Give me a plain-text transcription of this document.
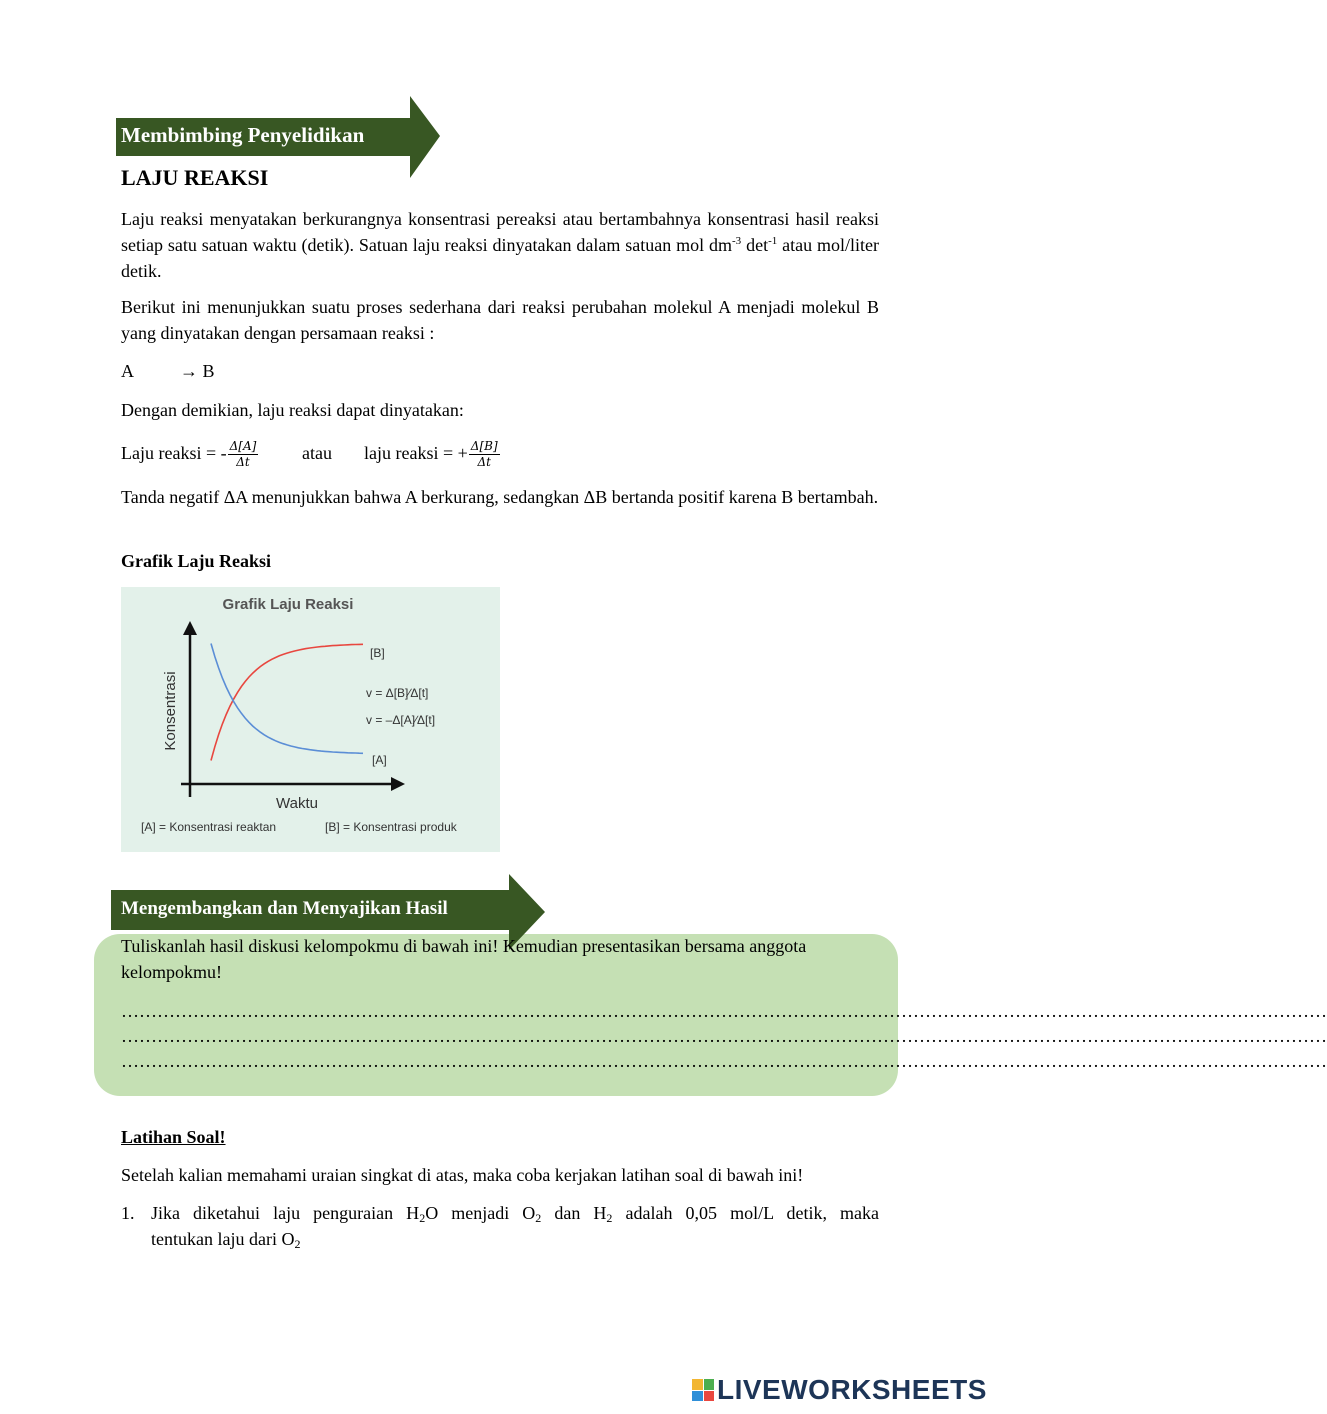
Membimbing Penyelidikan
LAJU REAKSI
Laju reaksi menyatakan berkurangnya konsentrasi pereaksi atau bertambahnya konsentrasi hasil reaksi setiap satu satuan waktu (detik). Satuan laju reaksi dinyatakan dalam satuan mol $dm^{-3}$ $\det^{-1}$ atau mol/liter detik.
Berikut ini menunjukkan suatu proses sederhana dari reaksi perubahan molekul A menjadi molekul B yang dinyatakan dengan persamaan reaksi :
A	→ B
Dengan demikian, laju reaksi dapat dinyatakan:
Laju reaksi = - $\frac{\Delta[A]}{\Delta t}$ atau laju reaksi = + $\frac{\Delta[B]}{\Delta t}$
Tanda negatif ΔA menunjukkan bahwa A berkurang, sedangkan ΔB bertanda positif karena B bertambah.
Grafik Laju Reaksi
Grafik Laju Reaksi
Konsentrasi
Waktu
[B]
[A]
v = Δ[B]∕Δ[t]
v = –Δ[A]∕Δ[t]
[A] = Konsentrasi reaktan	[B] = Konsentrasi produk
Mengembangkan dan Menyajikan Hasil
Tuliskanlah hasil diskusi kelompokmu di bawah ini! Kemudian presentasikan bersama anggota kelompokmu!
…………………………………………………………………………………………………………………………………………………………………………………
…………………………………………………………………………………………………………………………………………………………………………………
…………………………………………………………………………………………………………………………………………………………………………………
Latihan Soal!
Setelah kalian memahami uraian singkat di atas, maka coba kerjakan latihan soal di bawah ini!
1. Jika diketahui laju penguraian $H_2O$ menjadi $O_2$ dan $H_2$ adalah 0,05 mol/L detik, maka
tentukan laju dari $O_2$
LIVEWORKSHEETS
